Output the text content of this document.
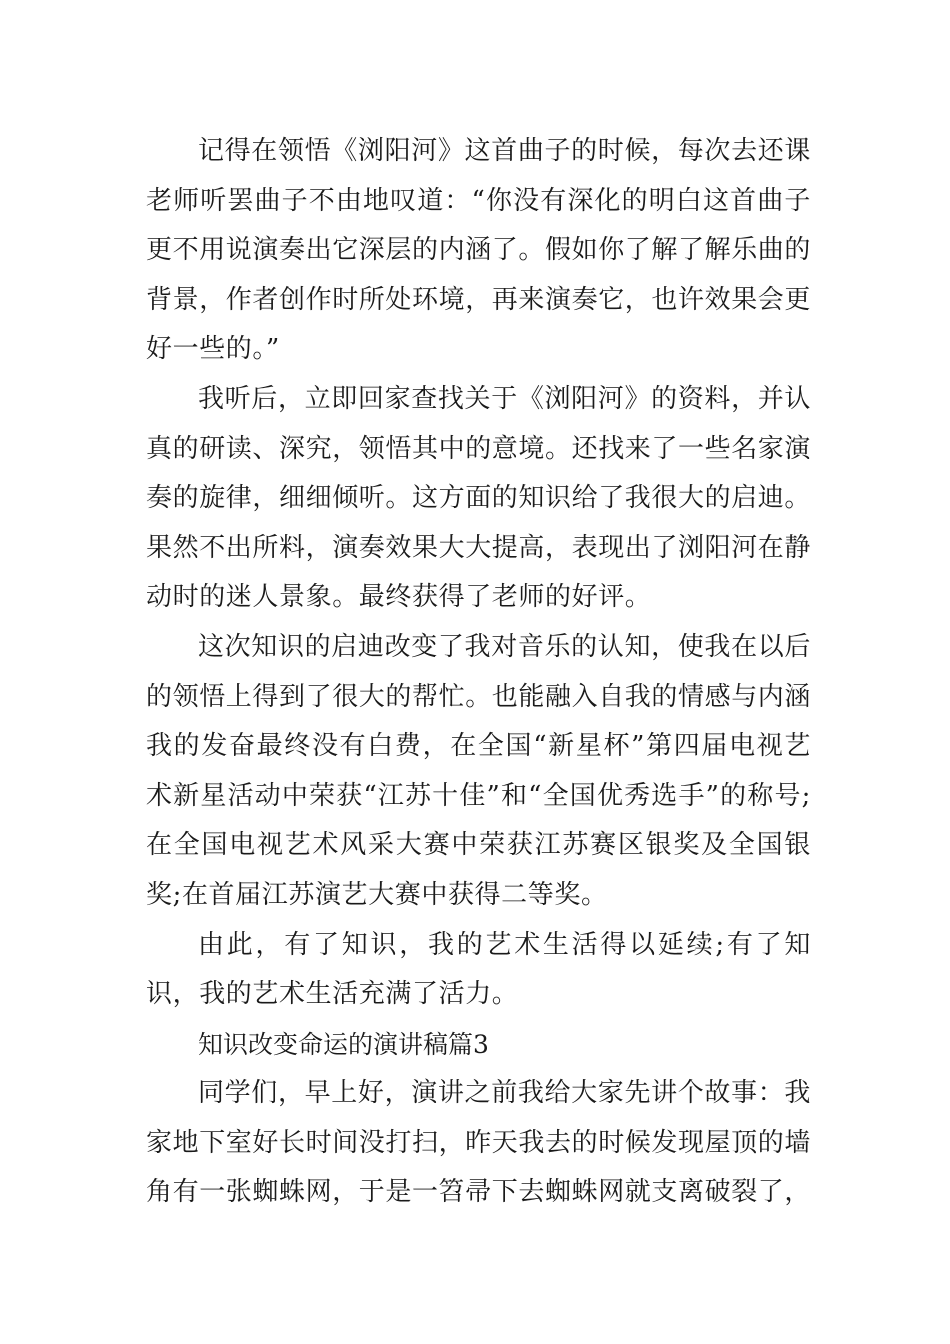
记得在领悟《浏阳河》这首曲子的时候，每次去还课老师听罢曲子不由地叹道：“你没有深化的明白这首曲子更不用说演奏出它深层的内涵了。假如你了解了解乐曲的背景，作者创作时所处环境，再来演奏它，也许效果会更好一些的。”

我听后，立即回家查找关于《浏阳河》的资料，并认真的研读、深究，领悟其中的意境。还找来了一些名家演奏的旋律，细细倾听。这方面的知识给了我很大的启迪。果然不出所料，演奏效果大大提高，表现出了浏阳河在静动时的迷人景象。最终获得了老师的好评。

这次知识的启迪改变了我对音乐的认知，使我在以后的领悟上得到了很大的帮忙。也能融入自我的情感与内涵我的发奋最终没有白费，在全国“新星杯”第四届电视艺术新星活动中荣获“江苏十佳”和“全国优秀选手”的称号;在全国电视艺术风采大赛中荣获江苏赛区银奖及全国银奖;在首届江苏演艺大赛中获得二等奖。

由此，有了知识，我的艺术生活得以延续;有了知识，我的艺术生活充满了活力。

知识改变命运的演讲稿篇3

同学们，早上好，演讲之前我给大家先讲个故事：我家地下室好长时间没打扫，昨天我去的时候发现屋顶的墙角有一张蜘蛛网，于是一笤帚下去蜘蛛网就支离破裂了，
